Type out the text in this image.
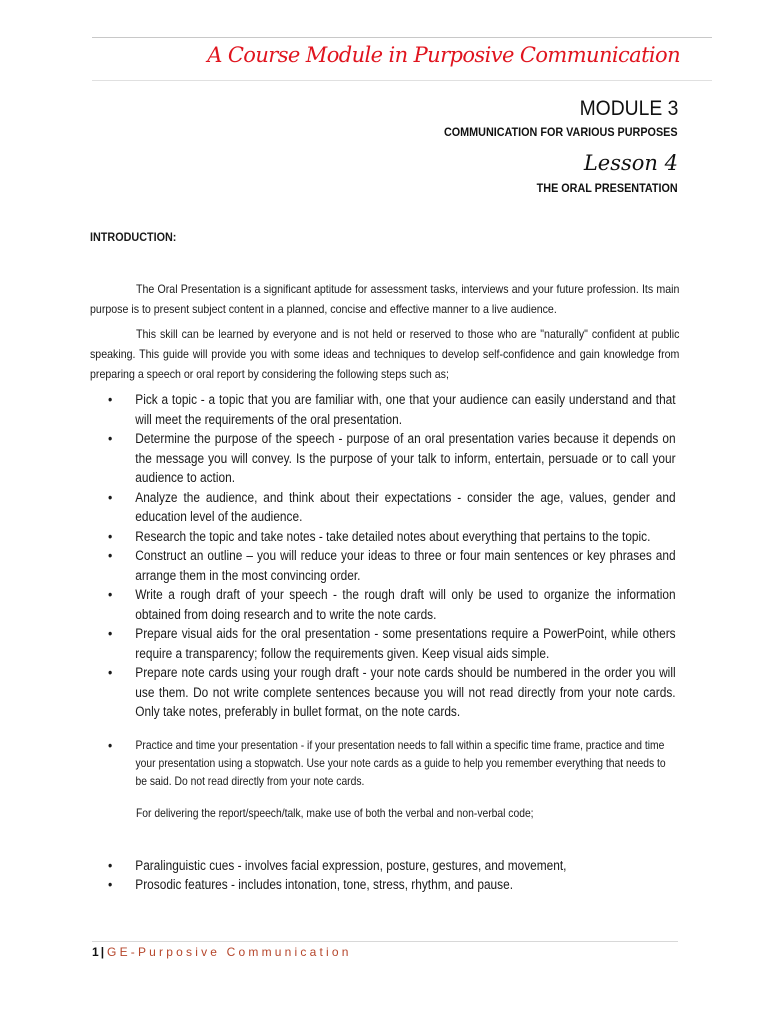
A Course Module in Purposive Communication
MODULE 3
COMMUNICATION FOR VARIOUS PURPOSES
Lesson 4
THE ORAL PRESENTATION
INTRODUCTION:
The Oral Presentation is a significant aptitude for assessment tasks, interviews and your future profession. Its main purpose is to present subject content in a planned, concise and effective manner to a live audience.
This skill can be learned by everyone and is not held or reserved to those who are "naturally" confident at public speaking. This guide will provide you with some ideas and techniques to develop self-confidence and gain knowledge from preparing a speech or oral report by considering the following steps such as;
• Pick a topic - a topic that you are familiar with, one that your audience can easily understand and that will meet the requirements of the oral presentation.
• Determine the purpose of the speech - purpose of an oral presentation varies because it depends on the message you will convey. Is the purpose of your talk to inform, entertain, persuade or to call your audience to action.
• Analyze the audience, and think about their expectations - consider the age, values, gender and education level of the audience.
• Research the topic and take notes - take detailed notes about everything that pertains to the topic.
• Construct an outline – you will reduce your ideas to three or four main sentences or key phrases and arrange them in the most convincing order.
• Write a rough draft of your speech - the rough draft will only be used to organize the information obtained from doing research and to write the note cards.
• Prepare visual aids for the oral presentation - some presentations require a PowerPoint, while others require a transparency; follow the requirements given. Keep visual aids simple.
• Prepare note cards using your rough draft - your note cards should be numbered in the order you will use them. Do not write complete sentences because you will not read directly from your note cards. Only take notes, preferably in bullet format, on the note cards.
•	Practice and time your presentation - if your presentation needs to fall within a specific time frame, practice and time your presentation using a stopwatch. Use your note cards as a guide to help you remember everything that needs to be said. Do not read directly from your note cards.
For delivering the report/speech/talk, make use of both the verbal and non-verbal code;
• Paralinguistic cues - involves facial expression, posture, gestures, and movement,
• Prosodic features - includes intonation, tone, stress, rhythm, and pause.
1 | GE-Purposive Communication
